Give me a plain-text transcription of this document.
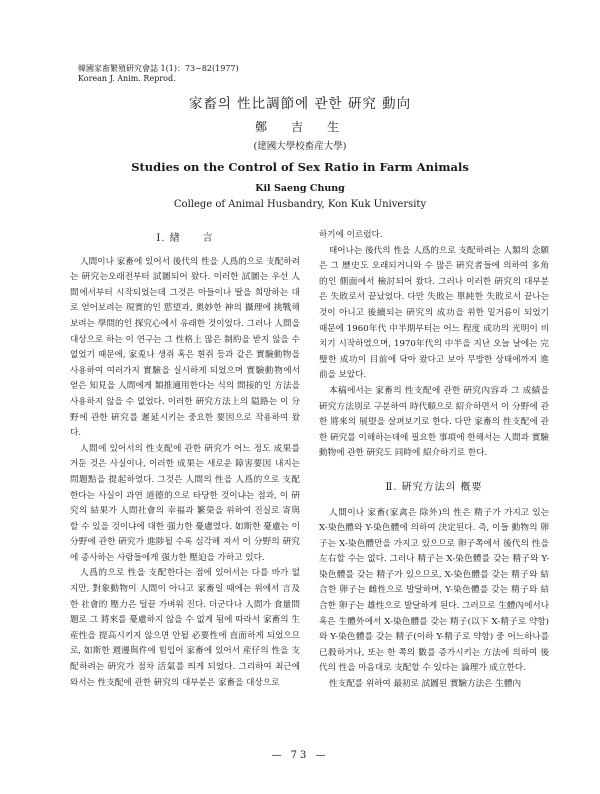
韓國家畜繁殖研究會誌 1(1)：73∼82(1977)
Korean J. Anim. Reprod.
家畜의 性比調節에 관한 硏究 動向
鄭　吉　生
(建國大學校畜産大學)
Studies on the Control of Sex Ratio in Farm Animals
Kil Saeng Chung
College of Animal Husbandry, Kon Kuk University
Ⅰ. 緖　　言

人間이나 家畜에 있어서 後代의 性을 人爲的으로 支配하려는 硏究는오래전부터 試圖되어 왔다. 이러한 試圖는 우선 人間에서부터 시작되었는데 그것은 아들이나 딸을 희망하는 대로 얻어보려는 現實的인 慾望과, 奧妙한 神의 攝理에 挑戰해 보려는 學問的인 探究心에서 유래한 것이었다. 그러나 人間을 대상으로 하는 이 연구는 그 性格上 많은 制約을 받지 않을 수 없었기 때문에, 家兎나 생쥐 혹은 흰쥐 등과 같은 實驗動物을 사용하여 여러가지 實驗을 실시하게 되었으며 實驗動物에서 얻은 知見을 人間에게 類推適用한다는 식의 間接的인 方法을 사용하지 않을 수 없었다. 이러한 硏究方法上의 隘路는 이 分野에 관한 硏究를 遲延시키는 중요한 要因으로 작용하여 왔다.

人間에 있어서의 性支配에 관한 硏究가 어느 정도 成果를 거둔 것은 사실이나, 이러한 成果는 새로운 障害要因 내지는 問題點을 提起하였다. 그것은 人間의 性을 人爲的으로 支配한다는 사실이 과연 道德的으로 타당한 것이냐는 점과, 이 硏究의 結果가 人間社會의 幸福과 繁榮을 위하여 진실로 寄與할 수 있을 것이냐에 대한 强力한 憂慮였다. 如斯한 憂慮는 이 分野에 관한 硏究가 進陟될 수록 심각해 져서 이 分野의 硏究에 종사하는 사람들에게 强力한 壓迫을 가하고 있다.

人爲的으로 性을 支配한다는 점에 있어서는 다를 바가 없지만, 對象動物이 人間이 아니고 家畜일 때에는 위에서 言及한 社會的 壓力은 털끝 가벼워 진다. 더군다나 人間가 食量問題로 그 將來를 憂慮하지 않을 수 없게 됨에 따라서 家畜의 生産性을 提高시키지 않으면 안될 必要性에 直面하게 되었으므로, 如斯한 週邊與件에 힘입어 家畜에 있어서 産仔의 性을 支配하려는 硏究가 점차 活氣를 띄게 되었다. 그리하여 최근에 와서는 性支配에 관한 硏究의 대부분은 家畜을 대상으로

하기에 이르렀다.

태어나는 後代의 性을 人爲的으로 支配하려는 人類의 念願은 그 歷史도 오래되거니와 수 많은 硏究者들에 의하여 多角的인 側面에서 檢討되어 왔다. 그러나 이러한 硏究의 대부분은 失敗로서 끝났었다. 다만 失敗는 單純한 失敗로서 끝나는것이 아니고 後續되는 硏究의 成功을 위한 밑거름이 되었기 때문에 1960年代 中半期부터는 어느 程度 成功의 光明이 비치기 시작하였으며, 1970年代의 中半을 지난 오늘 날에는 完璧한 成功이 目前에 닥아 왔다고 보아 무방한 상태에까지 進前을 보았다.

本稿에서는 家畜의 性支配에 관한 硏究內容과 그 成績을 硏究方法別로 구분하여 時代順으로 紹介하면서 이 分野에 관한 將來의 展望을 살펴보기로 한다. 다만 家畜의 性支配에 관한 硏究를 이해하는데에 필요한 事項에 한해서는 人間과 實驗動物에 관한 硏究도 同時에 紹介하기로 한다.

Ⅱ. 硏究方法의 槪要

人間이나 家畜(家禽은 除外)의 性은 精子가 가지고 있는 X-染色體와 Y-染色體에 의하여 決定된다. 즉, 이들 動物의 卵子는 X-染色體만을 가지고 있으므로 卵子쪽에서 後代의 性을 左右할 수는 없다. 그러나 精子는 X-染色體를 갖는 精子와 Y-染色體를 갖는 精子가 있으므로, X-染色體를 갖는 精子와 結合한 卵子는 雌性으로 발달하며, Y-染色體를 갖는 精子와 結合한 卵子는 雄性으로 발달하게 된다. 그러므로 生體內에서나 혹은 生體外에서 X-染色體를 갖는 精子(以下 X-精子로 약함)와 Y-染色體를 갖는 精子(이하 Y-精子로 약함) 중 어느하나를 已殺하거나, 또는 한 쪽의 數를 증가시키는 方法에 의하여 後代의 性을 마음대로 支配할 수 있다는 論理가 成立한다.

性支配를 위하여 最初로 試圖된 實驗方法은 生體內

— 73 —
